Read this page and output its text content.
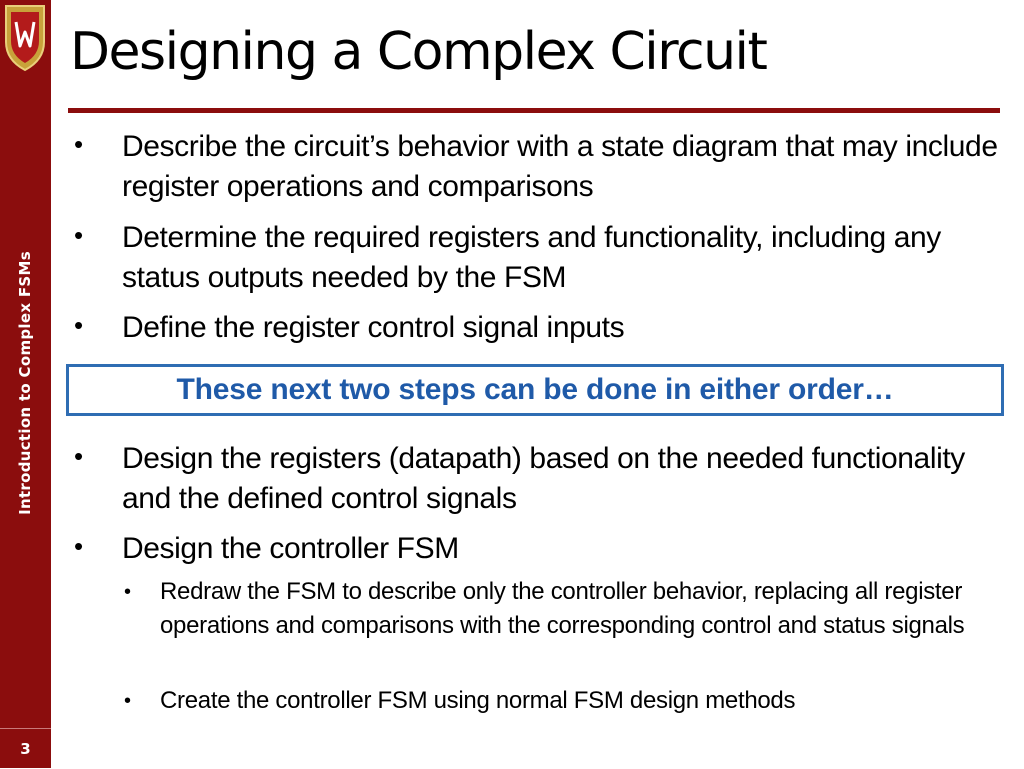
Introduction to Complex FSMs
3
Designing a Complex Circuit
• Describe the circuit’s behavior with a state diagram that may include register operations and comparisons
• Determine the required registers and functionality, including any status outputs needed by the FSM
• Define the register control signal inputs
These next two steps can be done in either order…
• Design the registers (datapath) based on the needed functionality and the defined control signals
• Design the controller FSM
• Redraw the FSM to describe only the controller behavior, replacing all register operations and comparisons with the corresponding control and status signals
• Create the controller FSM using normal FSM design methods
